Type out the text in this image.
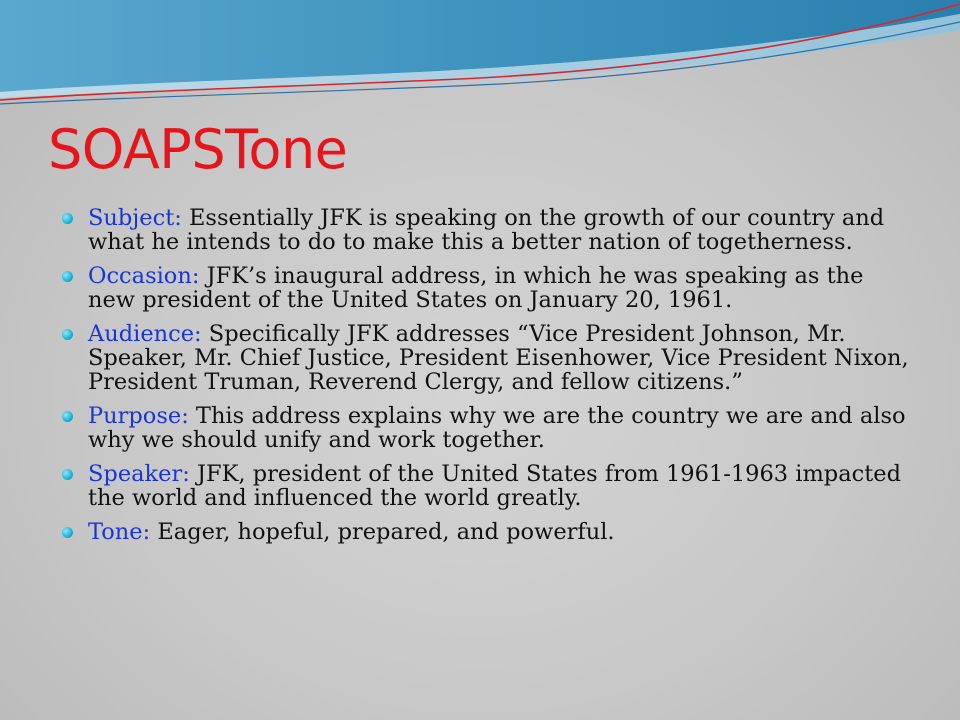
SOAPSTone
Subject: Essentially JFK is speaking on the growth of our country and what he intends to do to make this a better nation of togetherness.
Occasion: JFK’s inaugural address, in which he was speaking as the new president of the United States on January 20, 1961.
Audience: Specifically JFK addresses “Vice President Johnson, Mr. Speaker, Mr. Chief Justice, President Eisenhower, Vice President Nixon, President Truman, Reverend Clergy, and fellow citizens.”
Purpose: This address explains why we are the country we are and also why we should unify and work together.
Speaker: JFK, president of the United States from 1961-1963 impacted the world and influenced the world greatly.
Tone: Eager, hopeful, prepared, and powerful.
